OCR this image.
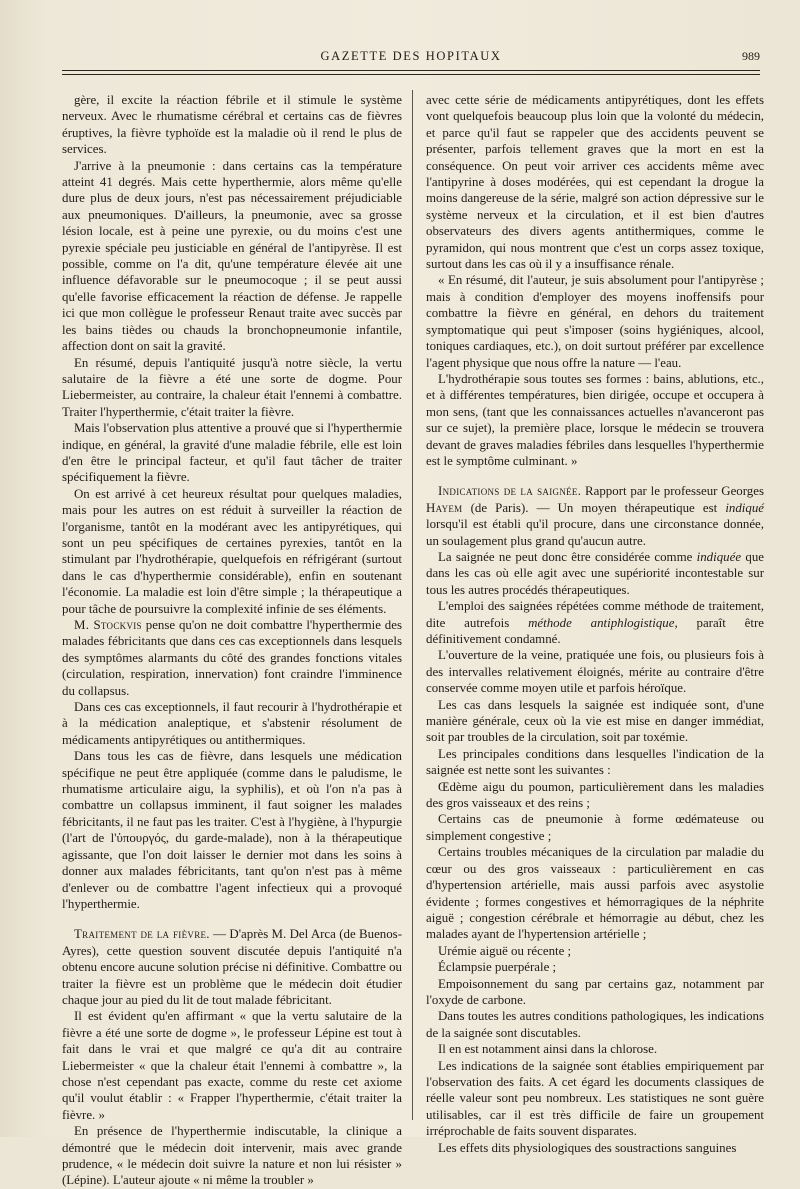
GAZETTE DES HOPITAUX	989

gère, il excite la réaction fébrile et il stimule le système nerveux. Avec le rhumatisme cérébral et certains cas de fièvres éruptives, la fièvre typhoïde est la maladie où il rend le plus de services.

J'arrive à la pneumonie : dans certains cas la température atteint 41 degrés. Mais cette hyperthermie, alors même qu'elle dure plus de deux jours, n'est pas nécessairement préjudiciable aux pneumoniques. D'ailleurs, la pneumonie, avec sa grosse lésion locale, est à peine une pyrexie, ou du moins c'est une pyrexie spéciale peu justiciable en général de l'antipyrèse. Il est possible, comme on l'a dit, qu'une température élevée ait une influence défavorable sur le pneumocoque ; il se peut aussi qu'elle favorise efficacement la réaction de défense. Je rappelle ici que mon collègue le professeur Renaut traite avec succès par les bains tièdes ou chauds la bronchopneumonie infantile, affection dont on sait la gravité.

En résumé, depuis l'antiquité jusqu'à notre siècle, la vertu salutaire de la fièvre a été une sorte de dogme. Pour Liebermeister, au contraire, la chaleur était l'ennemi à combattre. Traiter l'hyperthermie, c'était traiter la fièvre.

Mais l'observation plus attentive a prouvé que si l'hyperthermie indique, en général, la gravité d'une maladie fébrile, elle est loin d'en être le principal facteur, et qu'il faut tâcher de traiter spécifiquement la fièvre.

On est arrivé à cet heureux résultat pour quelques maladies, mais pour les autres on est réduit à surveiller la réaction de l'organisme, tantôt en la modérant avec les antipyrétiques, qui sont un peu spécifiques de certaines pyrexies, tantôt en la stimulant par l'hydrothérapie, quelquefois en réfrigérant (surtout dans le cas d'hyperthermie considérable), enfin en soutenant l'économie. La maladie est loin d'être simple ; la thérapeutique a pour tâche de poursuivre la complexité infinie de ses éléments.

M. Stockvis pense qu'on ne doit combattre l'hyperthermie des malades fébricitants que dans ces cas exceptionnels dans lesquels des symptômes alarmants du côté des grandes fonctions vitales (circulation, respiration, innervation) font craindre l'imminence du collapsus.

Dans ces cas exceptionnels, il faut recourir à l'hydrothérapie et à la médication analeptique, et s'abstenir résolument de médicaments antipyrétiques ou antithermiques.

Dans tous les cas de fièvre, dans lesquels une médication spécifique ne peut être appliquée (comme dans le paludisme, le rhumatisme articulaire aigu, la syphilis), et où l'on n'a pas à combattre un collapsus imminent, il faut soigner les malades fébricitants, il ne faut pas les traiter. C'est à l'hygiène, à l'hypurgie (l'art de l'ὑπουργός, du garde-malade), non à la thérapeutique agissante, que l'on doit laisser le dernier mot dans les soins à donner aux malades fébricitants, tant qu'on n'est pas à même d'enlever ou de combattre l'agent infectieux qui a provoqué l'hyperthermie.

Traitement de la fièvre. — D'après M. Del Arca (de Buenos-Ayres), cette question souvent discutée depuis l'antiquité n'a obtenu encore aucune solution précise ni définitive. Combattre ou traiter la fièvre est un problème que le médecin doit étudier chaque jour au pied du lit de tout malade fébricitant.

Il est évident qu'en affirmant « que la vertu salutaire de la fièvre a été une sorte de dogme », le professeur Lépine est tout à fait dans le vrai et que malgré ce qu'a dit au contraire Liebermeister « que la chaleur était l'ennemi à combattre », la chose n'est cependant pas exacte, comme du reste cet axiome qu'il voulut établir : « Frapper l'hyperthermie, c'était traiter la fièvre. »

En présence de l'hyperthermie indiscutable, la clinique a démontré que le médecin doit intervenir, mais avec grande prudence, « le médecin doit suivre la nature et non lui résister » (Lépine). L'auteur ajoute « ni même la troubler »

avec cette série de médicaments antipyrétiques, dont les effets vont quelquefois beaucoup plus loin que la volonté du médecin, et parce qu'il faut se rappeler que des accidents peuvent se présenter, parfois tellement graves que la mort en est la conséquence. On peut voir arriver ces accidents même avec l'antipyrine à doses modérées, qui est cependant la drogue la moins dangereuse de la série, malgré son action dépressive sur le système nerveux et la circulation, et il est bien d'autres observateurs des divers agents antithermiques, comme le pyramidon, qui nous montrent que c'est un corps assez toxique, surtout dans les cas où il y a insuffisance rénale.

« En résumé, dit l'auteur, je suis absolument pour l'antipyrèse ; mais à condition d'employer des moyens inoffensifs pour combattre la fièvre en général, en dehors du traitement symptomatique qui peut s'imposer (soins hygiéniques, alcool, toniques cardiaques, etc.), on doit surtout préférer par excellence l'agent physique que nous offre la nature — l'eau.

L'hydrothérapie sous toutes ses formes : bains, ablutions, etc., et à différentes températures, bien dirigée, occupe et occupera à mon sens, (tant que les connaissances actuelles n'avanceront pas sur ce sujet), la première place, lorsque le médecin se trouvera devant de graves maladies fébriles dans lesquelles l'hyperthermie est le symptôme culminant. »

Indications de la saignée. Rapport par le professeur Georges Hayem (de Paris). — Un moyen thérapeutique est indiqué lorsqu'il est établi qu'il procure, dans une circonstance donnée, un soulagement plus grand qu'aucun autre.

La saignée ne peut donc être considérée comme indiquée que dans les cas où elle agit avec une supériorité incontestable sur tous les autres procédés thérapeutiques.

L'emploi des saignées répétées comme méthode de traitement, dite autrefois méthode antiphlogistique, paraît être définitivement condamné.

L'ouverture de la veine, pratiquée une fois, ou plusieurs fois à des intervalles relativement éloignés, mérite au contraire d'être conservée comme moyen utile et parfois héroïque.

Les cas dans lesquels la saignée est indiquée sont, d'une manière générale, ceux où la vie est mise en danger immédiat, soit par troubles de la circulation, soit par toxémie.

Les principales conditions dans lesquelles l'indication de la saignée est nette sont les suivantes :

Œdème aigu du poumon, particulièrement dans les maladies des gros vaisseaux et des reins ;

Certains cas de pneumonie à forme œdémateuse ou simplement congestive ;

Certains troubles mécaniques de la circulation par maladie du cœur ou des gros vaisseaux : particulièrement en cas d'hypertension artérielle, mais aussi parfois avec asystolie évidente ; formes congestives et hémorragiques de la néphrite aiguë ; congestion cérébrale et hémorragie au début, chez les malades ayant de l'hypertension artérielle ;

Urémie aiguë ou récente ;

Éclampsie puerpérale ;

Empoisonnement du sang par certains gaz, notamment par l'oxyde de carbone.

Dans toutes les autres conditions pathologiques, les indications de la saignée sont discutables.

Il en est notamment ainsi dans la chlorose.

Les indications de la saignée sont établies empiriquement par l'observation des faits. A cet égard les documents classiques de réelle valeur sont peu nombreux. Les statistiques ne sont guère utilisables, car il est très difficile de faire un groupement irréprochable de faits souvent disparates.

Les effets dits physiologiques des soustractions sanguines
